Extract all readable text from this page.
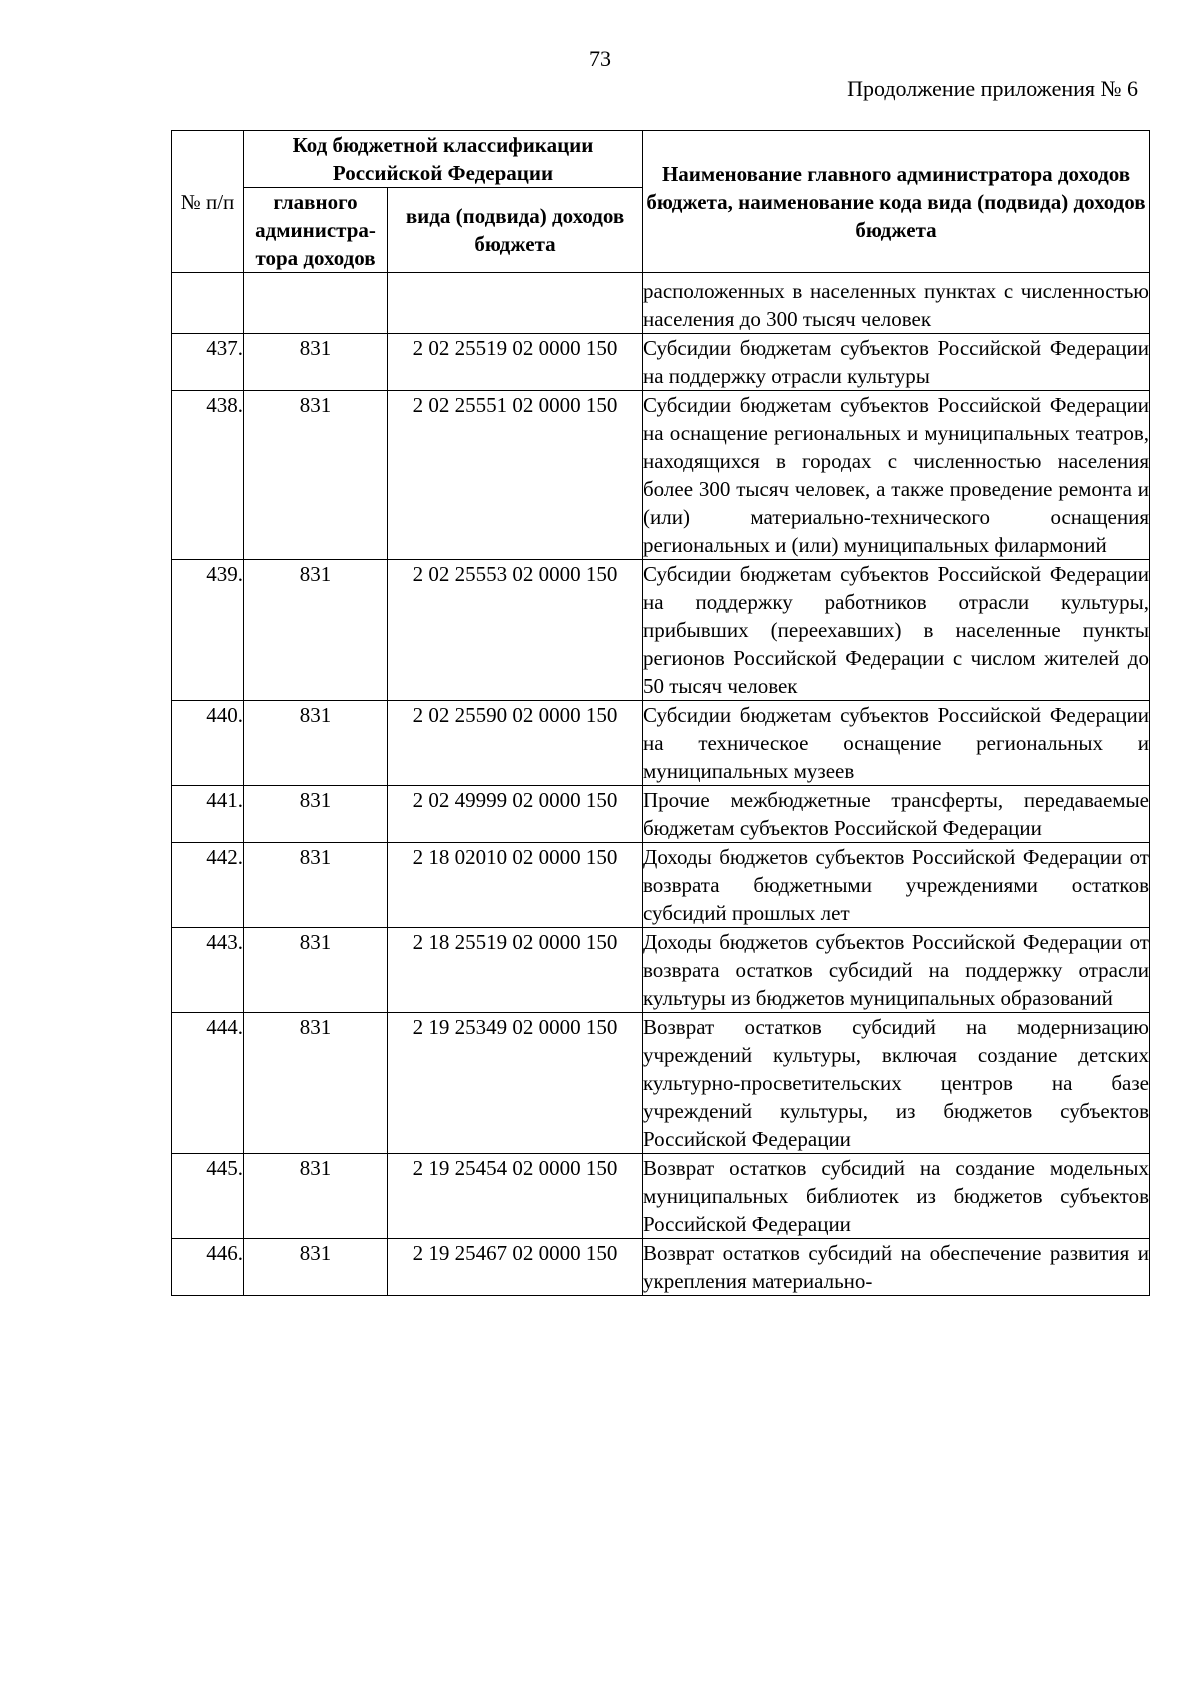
73
Продолжение приложения № 6
№ п/п	Код бюджетной классификации Российской Федерации		Наименование главного администратора доходов бюджета, наименование кода вида (подвида) доходов бюджета
	главного администра-тора доходов	вида (подвида) доходов бюджета	
			расположенных в населенных пунктах с численностью населения до 300 тысяч человек
437.	831	2 02 25519 02 0000 150	Субсидии бюджетам субъектов Российской Федерации на поддержку отрасли культуры
438.	831	2 02 25551 02 0000 150	Субсидии бюджетам субъектов Российской Федерации на оснащение региональных и муниципальных театров, находящихся в городах с численностью населения более 300 тысяч человек, а также проведение ремонта и (или) материально-технического оснащения региональных и (или) муниципальных филармоний
439.	831	2 02 25553 02 0000 150	Субсидии бюджетам субъектов Российской Федерации на поддержку работников отрасли культуры, прибывших (переехавших) в населенные пункты регионов Российской Федерации с числом жителей до 50 тысяч человек
440.	831	2 02 25590 02 0000 150	Субсидии бюджетам субъектов Российской Федерации на техническое оснащение региональных и муниципальных музеев
441.	831	2 02 49999 02 0000 150	Прочие межбюджетные трансферты, передаваемые бюджетам субъектов Российской Федерации
442.	831	2 18 02010 02 0000 150	Доходы бюджетов субъектов Российской Федерации от возврата бюджетными учреждениями остатков субсидий прошлых лет
443.	831	2 18 25519 02 0000 150	Доходы бюджетов субъектов Российской Федерации от возврата остатков субсидий на поддержку отрасли культуры из бюджетов муниципальных образований
444.	831	2 19 25349 02 0000 150	Возврат остатков субсидий на модернизацию учреждений культуры, включая создание детских культурно-просветительских центров на базе учреждений культуры, из бюджетов субъектов Российской Федерации
445.	831	2 19 25454 02 0000 150	Возврат остатков субсидий на создание модельных муниципальных библиотек из бюджетов субъектов Российской Федерации
446.	831	2 19 25467 02 0000 150	Возврат остатков субсидий на обеспечение развития и укрепления материально-
